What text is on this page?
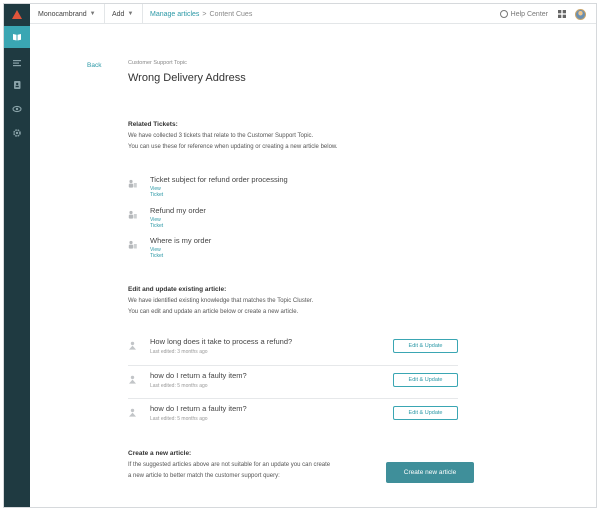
Monocambrand ▼ Add ▼ Manage articles > Content Cues	Help Center
Back	Customer Support Topic
Wrong Delivery Address
Related Tickets:
We have collected 3 tickets that relate to the Customer Support Topic.
You can use these for reference when updating or creating a new article below.
Ticket subject for refund order processing
View Ticket
Refund my order
View Ticket
Where is my order
View Ticket
Edit and update existing article:
We have identified existing knowledge that matches the Topic Cluster.
You can edit and update an article below or create a new article.
How long does it take to process a refund?
Last edited: 3 months ago
Edit & Update
how do I return a faulty item?
Last edited: 5 months ago
Edit & Update
how do I return a faulty item?
Last edited: 5 months ago
Edit & Update
Create a new article:
If the suggested articles above are not suitable for an update you can create
a new article to better match the customer support query:	Create new article
